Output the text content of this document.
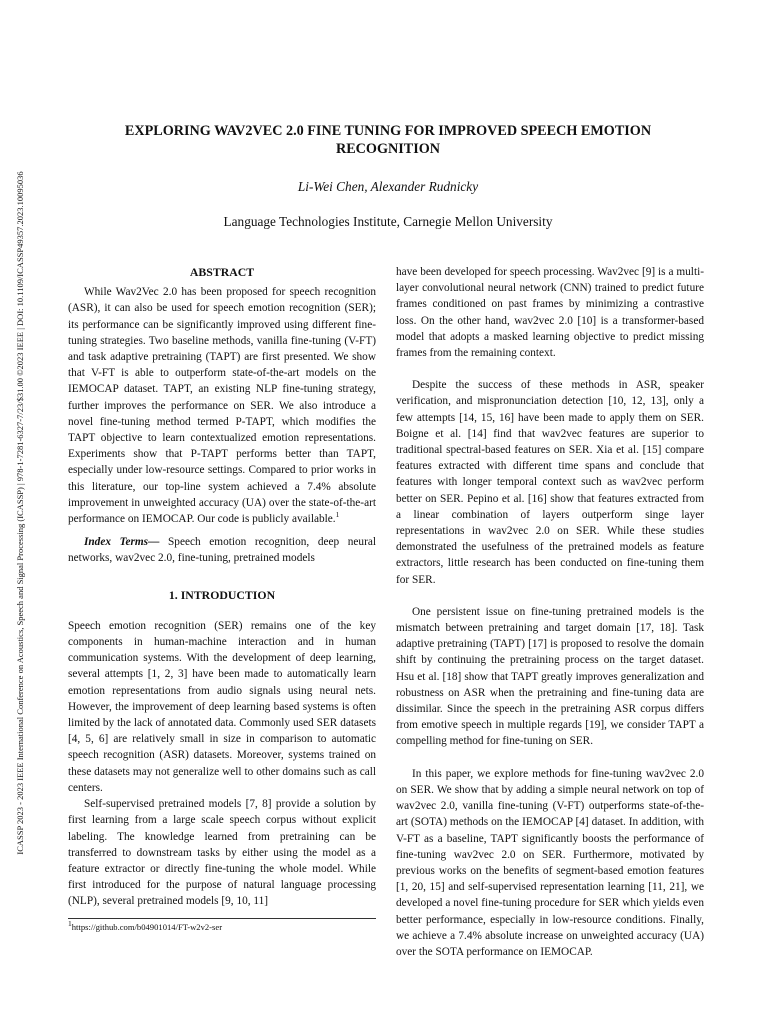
ICASSP 2023 - 2023 IEEE International Conference on Acoustics, Speech and Signal Processing (ICASSP) | 978-1-7281-6327-7/23/$31.00 ©2023 IEEE | DOI: 10.1109/ICASSP49357.2023.10095036
EXPLORING WAV2VEC 2.0 FINE TUNING FOR IMPROVED SPEECH EMOTION
RECOGNITION
Li-Wei Chen, Alexander Rudnicky
Language Technologies Institute, Carnegie Mellon University
ABSTRACT

While Wav2Vec 2.0 has been proposed for speech recognition (ASR), it can also be used for speech emotion recognition (SER); its performance can be significantly improved using different fine-tuning strategies. Two baseline methods, vanilla fine-tuning (V-FT) and task adaptive pretraining (TAPT) are first presented. We show that V-FT is able to outperform state-of-the-art models on the IEMOCAP dataset. TAPT, an existing NLP fine-tuning strategy, further improves the performance on SER. We also introduce a novel fine-tuning method termed P-TAPT, which modifies the TAPT objective to learn contextualized emotion representations. Experiments show that P-TAPT performs better than TAPT, especially under low-resource settings. Compared to prior works in this literature, our top-line system achieved a 7.4% absolute improvement in unweighted accuracy (UA) over the state-of-the-art performance on IEMOCAP. Our code is publicly available.$^1$

Index Terms— Speech emotion recognition, deep neural networks, wav2vec 2.0, fine-tuning, pretrained models

1. INTRODUCTION

Speech emotion recognition (SER) remains one of the key components in human-machine interaction and in human communication systems. With the development of deep learning, several attempts [1, 2, 3] have been made to automatically learn emotion representations from audio signals using neural nets. However, the improvement of deep learning based systems is often limited by the lack of annotated data. Commonly used SER datasets [4, 5, 6] are relatively small in size in comparison to automatic speech recognition (ASR) datasets. Moreover, systems trained on these datasets may not generalize well to other domains such as call centers.

Self-supervised pretrained models [7, 8] provide a solution by first learning from a large scale speech corpus without explicit labeling. The knowledge learned from pretraining can be transferred to downstream tasks by either using the model as a feature extractor or directly fine-tuning the whole model. While first introduced for the purpose of natural language processing (NLP), several pretrained models [9, 10, 11]

$^1$https://github.com/b04901014/FT-w2v2-ser

have been developed for speech processing. Wav2vec [9] is a multi-layer convolutional neural network (CNN) trained to predict future frames conditioned on past frames by minimizing a contrastive loss. On the other hand, wav2vec 2.0 [10] is a transformer-based model that adopts a masked learning objective to predict missing frames from the remaining context.

Despite the success of these methods in ASR, speaker verification, and mispronunciation detection [10, 12, 13], only a few attempts [14, 15, 16] have been made to apply them on SER. Boigne et al. [14] find that wav2vec features are superior to traditional spectral-based features on SER. Xia et al. [15] compare features extracted with different time spans and conclude that features with longer temporal context such as wav2vec perform better on SER. Pepino et al. [16] show that features extracted from a linear combination of layers outperform singe layer representations in wav2vec 2.0 on SER. While these studies demonstrated the usefulness of the pretrained models as feature extractors, little research has been conducted on fine-tuning them for SER.

One persistent issue on fine-tuning pretrained models is the mismatch between pretraining and target domain [17, 18]. Task adaptive pretraining (TAPT) [17] is proposed to resolve the domain shift by continuing the pretraining process on the target dataset. Hsu et al. [18] show that TAPT greatly improves generalization and robustness on ASR when the pretraining and fine-tuning data are dissimilar. Since the speech in the pretraining ASR corpus differs from emotive speech in multiple regards [19], we consider TAPT a compelling method for fine-tuning on SER.

In this paper, we explore methods for fine-tuning wav2vec 2.0 on SER. We show that by adding a simple neural network on top of wav2vec 2.0, vanilla fine-tuning (V-FT) outperforms state-of-the-art (SOTA) methods on the IEMOCAP [4] dataset. In addition, with V-FT as a baseline, TAPT significantly boosts the performance of fine-tuning wav2vec 2.0 on SER. Furthermore, motivated by previous works on the benefits of segment-based emotion features [1, 20, 15] and self-supervised representation learning [11, 21], we developed a novel fine-tuning procedure for SER which yields even better performance, especially in low-resource conditions. Finally, we achieve a 7.4% absolute increase on unweighted accuracy (UA) over the SOTA performance on IEMOCAP.
